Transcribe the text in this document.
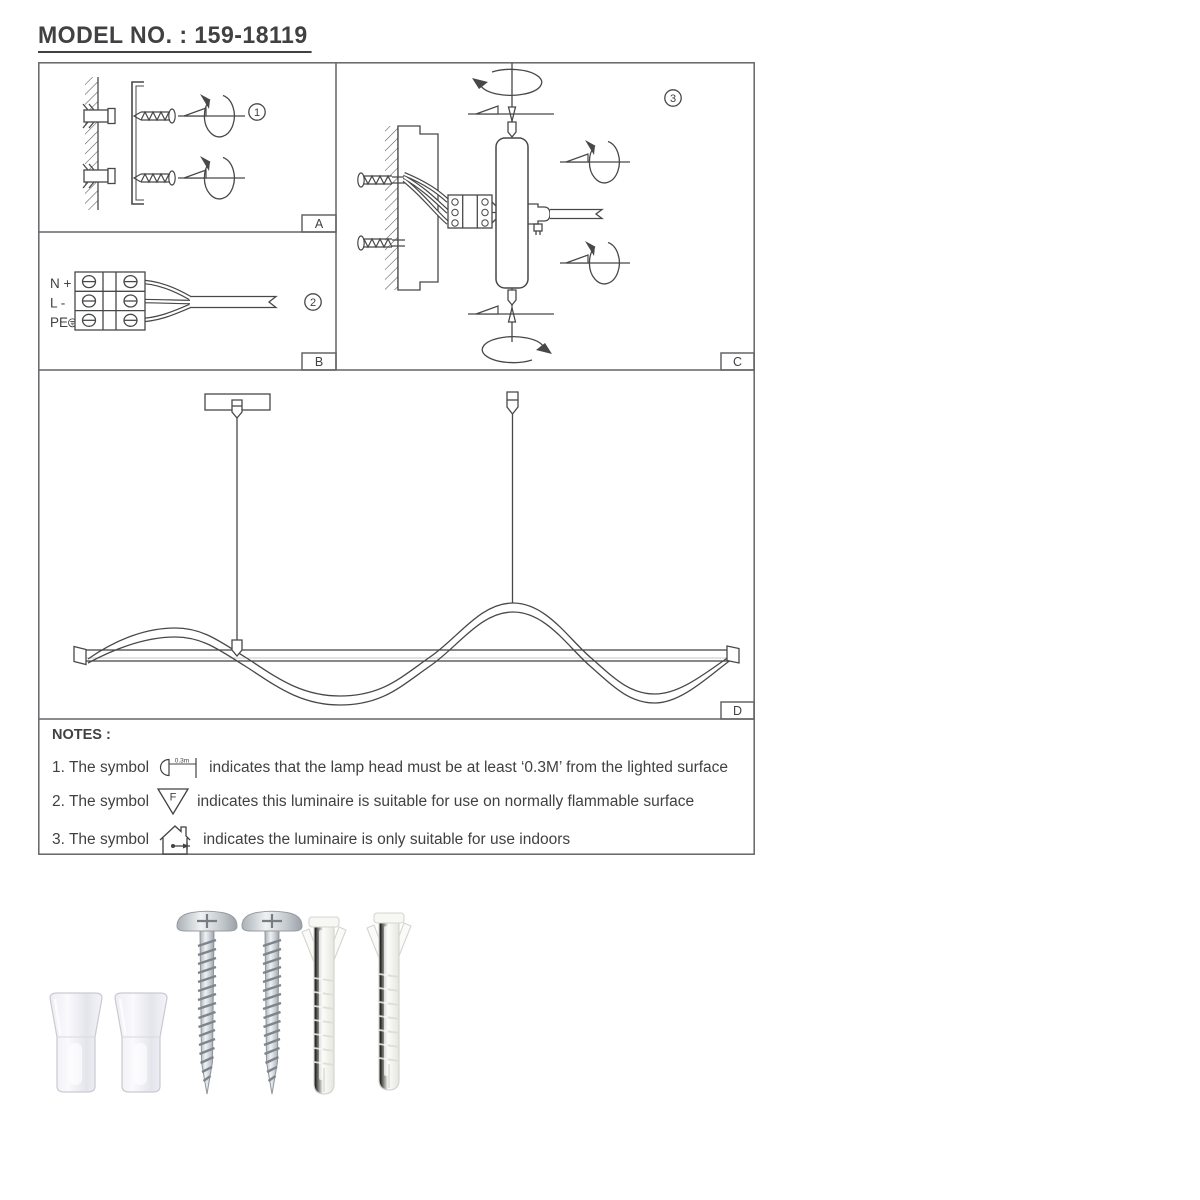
MODEL NO. : 159-18119
A
B	C
D
1
N +
L -
PE
2
3

NOTES :

1. The symbol	0.3m indicates that the lamp head must be at least ‘0.3M’ from the lighted surface
2. The symbol F indicates this luminaire is suitable for use on normally flammable surface
3. The symbol	indicates the luminaire is only suitable for use indoors
